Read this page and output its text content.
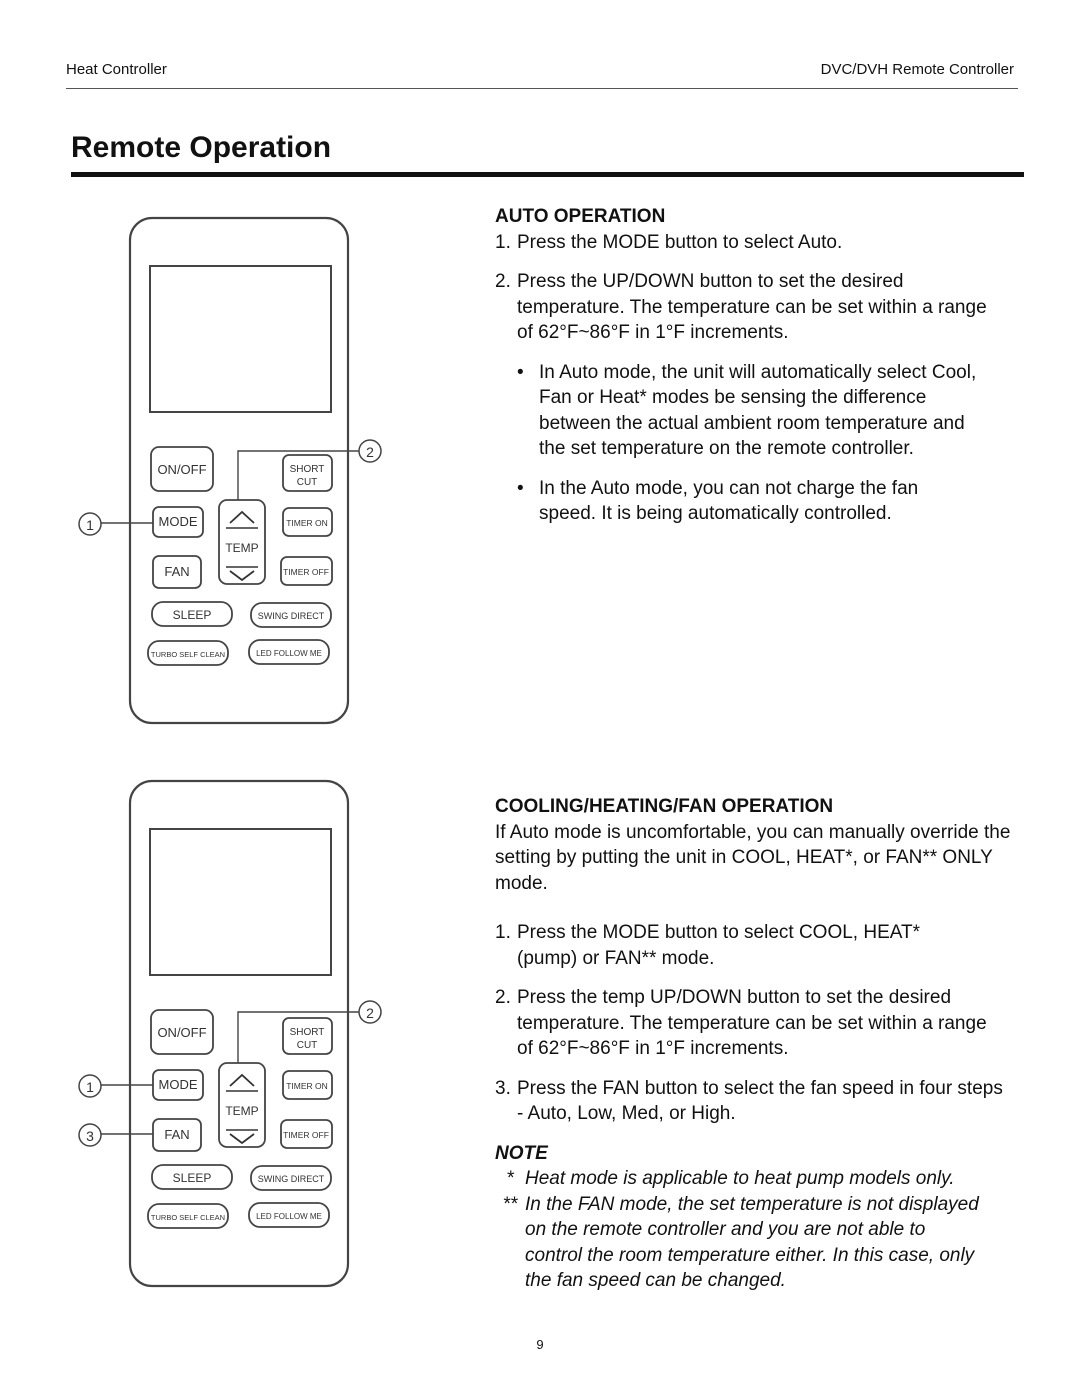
Heat Controller	DVC/DVH Remote Controller
Remote Operation
ON/OFF	SHORT
CUT
MODE
TEMP
TIMER ON
FAN	TIMER OFF
SLEEP	SWING DIRECT
TURBO SELF CLEAN	LED FOLLOW ME
2
1
ON/OFF	SHORT
CUT
MODE
TEMP
TIMER ON
FAN	TIMER OFF
SLEEP	SWING DIRECT
TURBO SELF CLEAN	LED FOLLOW ME
2
1
3

AUTO OPERATION

1. Press the MODE button to select Auto.
2. Press the UP/DOWN button to set the desired temperature. The temperature can be set within a range of 62°F~86°F in 1°F increments.
• In Auto mode, the unit will automatically select Cool, Fan or Heat* modes be sensing the difference between the actual ambient room temperature and the set temperature on the remote controller.
• In the Auto mode, you can not charge the fan speed. It is being automatically controlled.

COOLING/HEATING/FAN OPERATION

If Auto mode is uncomfortable, you can manually override the setting by putting the unit in COOL, HEAT*, or FAN** ONLY mode.

1. Press the MODE button to select COOL, HEAT* (pump) or FAN** mode.
2. Press the temp UP/DOWN button to set the desired temperature. The temperature can be set within a range of 62°F~86°F in 1°F increments.
3. Press the FAN button to select the fan speed in four steps - Auto, Low, Med, or High.

NOTE

* Heat mode is applicable to heat pump models only.
** In the FAN mode, the set temperature is not displayed on the remote controller and you are not able to control the room temperature either. In this case, only the fan speed can be changed.
9
